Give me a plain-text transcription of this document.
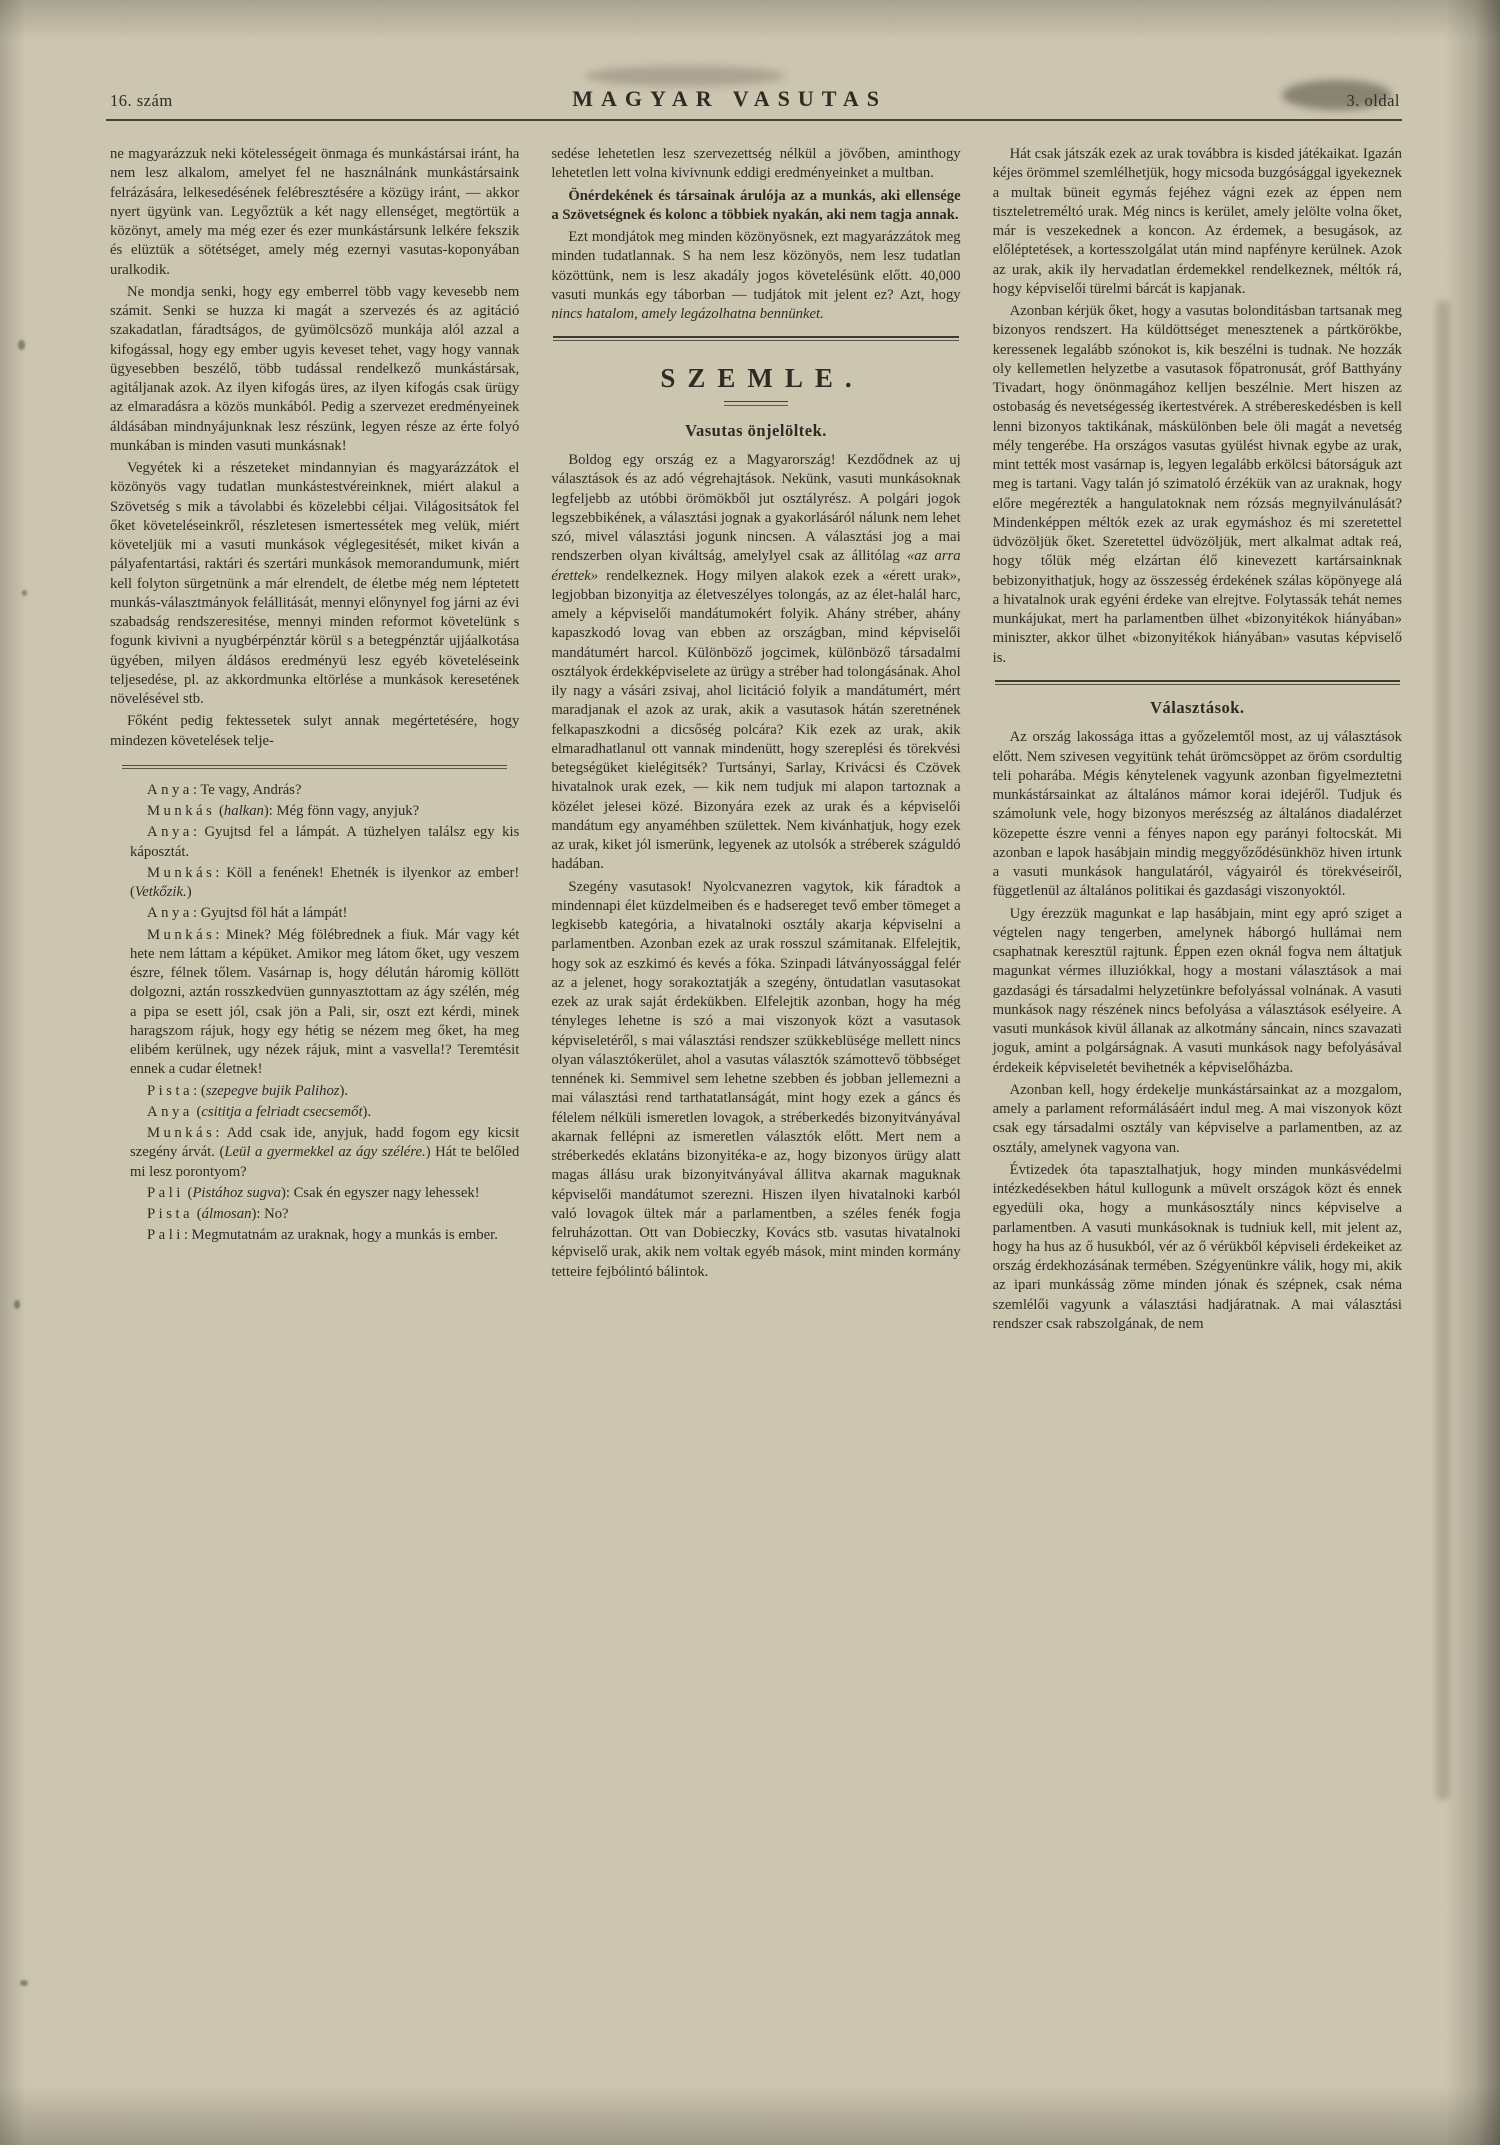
16. szám	MAGYAR VASUTAS	3. oldal

ne magyarázzuk neki kötelességeit önmaga és munkástársai iránt, ha nem lesz alkalom, amelyet fel ne használnánk munkástársaink felrázására, lelkesedésének felébresztésére a közügy iránt, — akkor nyert ügyünk van. Legyőztük a két nagy ellenséget, megtörtük a közönyt, amely ma még ezer és ezer munkástársunk lelkére fekszik és elüztük a sötétséget, amely még ezernyi vasutas-koponyában uralkodik.

Ne mondja senki, hogy egy emberrel több vagy kevesebb nem számit. Senki se huzza ki magát a szervezés és az agitáció szakadatlan, fáradtságos, de gyümölcsöző munkája alól azzal a kifogással, hogy egy ember ugyis keveset tehet, vagy hogy vannak ügyesebben beszélő, több tudással rendelkező munkástársak, agitáljanak azok. Az ilyen kifogás üres, az ilyen kifogás csak ürügy az elmaradásra a közös munkából. Pedig a szervezet eredményeinek áldásában mindnyájunknak lesz részünk, legyen része az érte folyó munkában is minden vasuti munkásnak!

Vegyétek ki a részeteket mindannyian és magyarázzátok el közönyös vagy tudatlan munkástestvéreinknek, miért alakul a Szövetség s mik a távolabbi és közelebbi céljai. Világositsátok fel őket követeléseinkről, részletesen ismertessétek meg velük, miért követeljük mi a vasuti munkások véglegesitését, miket kiván a pályafentartási, raktári és szertári munkások memorandumunk, miért kell folyton sürgetnünk a már elrendelt, de életbe még nem léptetett munkás-választmányok felállitását, mennyi előnynyel fog járni az évi szabadság rendszeresitése, mennyi minden reformot követelünk s fogunk kivivni a nyugbérpénztár körül s a betegpénztár ujjáalkotása ügyében, milyen áldásos eredményü lesz egyéb követeléseink teljesedése, pl. az akkordmunka eltörlése a munkások keresetének növelésével stb.

Főként pedig fektessetek sulyt annak megértetésére, hogy mindezen követelések telje-

Anya: Te vagy, András?

Munkás (halkan): Még fönn vagy, anyjuk?

Anya: Gyujtsd fel a lámpát. A tüzhelyen találsz egy kis káposztát.

Munkás: Köll a fenének! Ehetnék is ilyenkor az ember! (Vetkőzik.)

Anya: Gyujtsd föl hát a lámpát!

Munkás: Minek? Még fölébrednek a fiuk. Már vagy két hete nem láttam a képüket. Amikor meg látom őket, ugy veszem észre, félnek tőlem. Vasárnap is, hogy délután háromig köllött dolgozni, aztán rosszkedvüen gunnyasztottam az ágy szélén, még a pipa se esett jól, csak jön a Pali, sir, oszt ezt kérdi, minek haragszom rájuk, hogy egy hétig se nézem meg őket, ha meg elibém kerülnek, ugy nézek rájuk, mint a vasvella!? Teremtésit ennek a cudar életnek!

Pista: (szepegve bujik Palihoz).

Anya (csititja a felriadt csecsemőt).

Munkás: Add csak ide, anyjuk, hadd fogom egy kicsit szegény árvát. (Leül a gyermekkel az ágy szélére.) Hát te belőled mi lesz porontyom?

Pali (Pistához sugva): Csak én egyszer nagy lehessek!

Pista (álmosan): No?

Pali: Megmutatnám az uraknak, hogy a munkás is ember.

sedése lehetetlen lesz szervezettség nélkül a jövőben, aminthogy lehetetlen lett volna kivivnunk eddigi eredményeinket a multban.

Önérdekének és társainak árulója az a munkás, aki ellensége a Szövetségnek és kolonc a többiek nyakán, aki nem tagja annak.

Ezt mondjátok meg minden közönyösnek, ezt magyarázzátok meg minden tudatlannak. S ha nem lesz közönyös, nem lesz tudatlan közöttünk, nem is lesz akadály jogos követelésünk előtt. 40,000 vasuti munkás egy táborban — tudjátok mit jelent ez? Azt, hogy nincs hatalom, amely legázolhatna bennünket.

SZEMLE.
Vasutas önjelöltek.

Boldog egy ország ez a Magyarország! Kezdődnek az uj választások és az adó végrehajtások. Nekünk, vasuti munkásoknak legfeljebb az utóbbi örömökből jut osztályrész. A polgári jogok legszebbikének, a választási jognak a gyakorlásáról nálunk nem lehet szó, mivel választási jogunk nincsen. A választási jog a mai rendszerben olyan kiváltság, amelylyel csak az állitólag «az arra érettek» rendelkeznek. Hogy milyen alakok ezek a «érett urak», legjobban bizonyitja az életveszélyes tolongás, az az élet-halál harc, amely a képviselői mandátumokért folyik. Ahány stréber, ahány kapaszkodó lovag van ebben az országban, mind képviselői mandátumért harcol. Különböző jogcimek, különböző társadalmi osztályok érdekképviselete az ürügy a stréber had tolongásának. Ahol ily nagy a vásári zsivaj, ahol licitáció folyik a mandátumért, mért maradjanak el azok az urak, akik a vasutasok hátán szeretnének felkapaszkodni a dicsőség polcára? Kik ezek az urak, akik elmaradhatlanul ott vannak mindenütt, hogy szereplési és törekvési betegségüket kielégitsék? Turtsányi, Sarlay, Krivácsi és Czövek hivatalnok urak ezek, — kik nem tudjuk mi alapon tartoznak a közélet jelesei közé. Bizonyára ezek az urak és a képviselői mandátum egy anyaméhben születtek. Nem kivánhatjuk, hogy ezek az urak, kiket jól ismerünk, legyenek az utolsók a stréberek száguldó hadában.

Szegény vasutasok! Nyolcvanezren vagytok, kik fáradtok a mindennapi élet küzdelmeiben és e hadsereget tevő ember tömeget a legkisebb kategória, a hivatalnoki osztály akarja képviselni a parlamentben. Azonban ezek az urak rosszul számitanak. Elfelejtik, hogy sok az eszkimó és kevés a fóka. Szinpadi látványossággal felér az a jelenet, hogy sorakoztatják a szegény, öntudatlan vasutasokat ezek az urak saját érdekükben. Elfelejtik azonban, hogy ha még tényleges lehetne is szó a mai viszonyok közt a vasutasok képviseletéről, s mai választási rendszer szükkeblüsége mellett nincs olyan választókerület, ahol a vasutas választók számottevő többséget tennének ki. Semmivel sem lehetne szebben és jobban jellemezni a mai választási rend tarthatatlanságát, mint hogy ezek a gáncs és félelem nélküli ismeretlen lovagok, a stréberkedés bizonyitványával akarnak fellépni az ismeretlen választók előtt. Mert nem a stréberkedés eklatáns bizonyitéka-e az, hogy bizonyos ürügy alatt magas állásu urak bizonyitványával állitva akarnak maguknak képviselői mandátumot szerezni. Hiszen ilyen hivatalnoki karból való lovagok ültek már a parlamentben, a széles fenék fogja felruházottan. Ott van Dobieczky, Kovács stb. vasutas hivatalnoki képviselő urak, akik nem voltak egyéb mások, mint minden kormány tetteire fejbólintó bálintok.

Hát csak játszák ezek az urak továbbra is kisded játékaikat. Igazán kéjes örömmel szemlélhetjük, hogy micsoda buzgósággal igyekeznek a multak büneit egymás fejéhez vágni ezek az éppen nem tiszteletreméltó urak. Még nincs is kerület, amely jelölte volna őket, már is veszekednek a koncon. Az érdemek, a besugások, az előléptetések, a kortesszolgálat után mind napfényre kerülnek. Azok az urak, akik ily hervadatlan érdemekkel rendelkeznek, méltók rá, hogy képviselői türelmi bárcát is kapjanak.

Azonban kérjük őket, hogy a vasutas bolonditásban tartsanak meg bizonyos rendszert. Ha küldöttséget menesztenek a pártkörökbe, keressenek legalább szónokot is, kik beszélni is tudnak. Ne hozzák oly kellemetlen helyzetbe a vasutasok főpatronusát, gróf Batthyány Tivadart, hogy önönmagához kelljen beszélnie. Mert hiszen az ostobaság és nevetségesség ikertestvérek. A strébereskedésben is kell lenni bizonyos taktikának, máskülönben bele öli magát a nevetség mély tengerébe. Ha országos vasutas gyülést hivnak egybe az urak, mint tették most vasárnap is, legyen legalább erkölcsi bátorságuk azt meg is tartani. Vagy talán jó szimatoló érzékük van az uraknak, hogy előre megérezték a hangulatoknak nem rózsás megnyilvánulását? Mindenképpen méltók ezek az urak egymáshoz és mi szeretettel üdvözöljük őket. Szeretettel üdvözöljük, mert alkalmat adtak reá, hogy tőlük még elzártan élő kinevezett kartársainknak bebizonyithatjuk, hogy az összesség érdekének szálas köpönyege alá a hivatalnok urak egyéni érdeke van elrejtve. Folytassák tehát nemes munkájukat, mert ha parlamentben ülhet «bizonyitékok hiányában» miniszter, akkor ülhet «bizonyitékok hiányában» vasutas képviselő is.

Választások.

Az ország lakossága ittas a győzelemtől most, az uj választások előtt. Nem szivesen vegyitünk tehát ürömcsöppet az öröm csordultig teli poharába. Mégis kénytelenek vagyunk azonban figyelmeztetni munkástársainkat az általános mámor korai idejéről. Tudjuk és számolunk vele, hogy bizonyos merészség az általános diadalérzet közepette észre venni a fényes napon egy parányi foltocskát. Mi azonban e lapok hasábjain mindig meggyőződésünkhöz hiven irtunk a vasuti munkások hangulatáról, vágyairól és törekvéseiről, függetlenül az általános politikai és gazdasági viszonyoktól.

Ugy érezzük magunkat e lap hasábjain, mint egy apró sziget a végtelen nagy tengerben, amelynek háborgó hullámai nem csaphatnak keresztül rajtunk. Éppen ezen oknál fogva nem áltatjuk magunkat vérmes illuziókkal, hogy a mostani választások a mai gazdasági és társadalmi helyzetünkre befolyással volnának. A vasuti munkások nagy részének nincs befolyása a választások esélyeire. A vasuti munkások kivül állanak az alkotmány sáncain, nincs szavazati joguk, amint a polgárságnak. A vasuti munkások nagy befolyásával érdekeik képviseletét bevihetnék a képviselőházba.

Azonban kell, hogy érdekelje munkástársainkat az a mozgalom, amely a parlament reformálásáért indul meg. A mai viszonyok közt csak egy társadalmi osztály van képviselve a parlamentben, az az osztály, amelynek vagyona van.

Évtizedek óta tapasztalhatjuk, hogy minden munkásvédelmi intézkedésekben hátul kullogunk a müvelt országok közt és ennek egyedüli oka, hogy a munkásosztály nincs képviselve a parlamentben. A vasuti munkásoknak is tudniuk kell, mit jelent az, hogy ha hus az ő husukból, vér az ő vérükből képviseli érdekeiket az ország érdekhozásának termében. Szégyenünkre válik, hogy mi, akik az ipari munkásság zöme minden jónak és szépnek, csak néma szemlélői vagyunk a választási hadjáratnak. A mai választási rendszer csak rabszolgának, de nem
